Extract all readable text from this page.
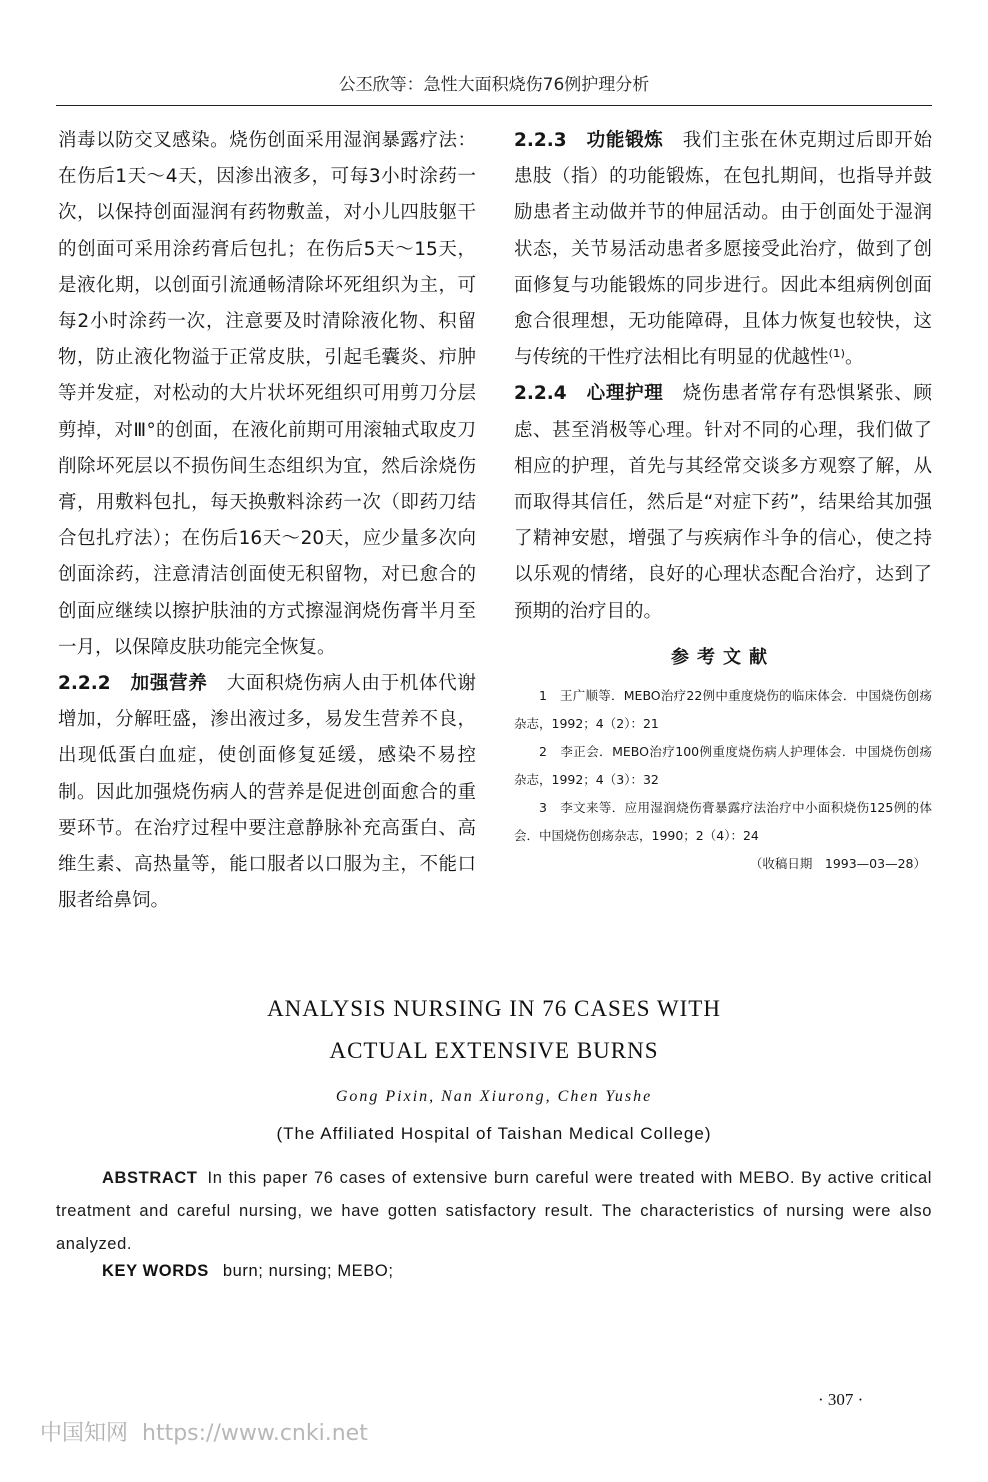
公丕欣等：急性大面积烧伤76例护理分析

消毒以防交叉感染。烧伤创面采用湿润暴露疗法：在伤后1天～4天，因渗出液多，可每3小时涂药一次，以保持创面湿润有药物敷盖，对小儿四肢躯干的创面可采用涂药膏后包扎；在伤后5天～15天，是液化期，以创面引流通畅清除坏死组织为主，可每2小时涂药一次，注意要及时清除液化物、积留物，防止液化物溢于正常皮肤，引起毛囊炎、疖肿等并发症，对松动的大片状坏死组织可用剪刀分层剪掉，对Ⅲ°的创面，在液化前期可用滚轴式取皮刀削除坏死层以不损伤间生态组织为宜，然后涂烧伤膏，用敷料包扎，每天换敷料涂药一次（即药刀结合包扎疗法）；在伤后16天～20天，应少量多次向创面涂药，注意清洁创面使无积留物，对已愈合的创面应继续以擦护肤油的方式擦湿润烧伤膏半月至一月，以保障皮肤功能完全恢复。

2.2.2　加强营养　 大面积烧伤病人由于机体代谢增加，分解旺盛，渗出液过多，易发生营养不良，出现低蛋白血症，使创面修复延缓，感染不易控制。因此加强烧伤病人的营养是促进创面愈合的重要环节。在治疗过程中要注意静脉补充高蛋白、高维生素、高热量等，能口服者以口服为主，不能口服者给鼻饲。

2.2.3　功能锻炼　 我们主张在休克期过后即开始患肢（指）的功能锻炼，在包扎期间，也指导并鼓励患者主动做并节的伸屈活动。由于创面处于湿润状态，关节易活动患者多愿接受此治疗，做到了创面修复与功能锻炼的同步进行。因此本组病例创面愈合很理想，无功能障碍，且体力恢复也较快，这与传统的干性疗法相比有明显的优越性⁽¹⁾。

2.2.4　心理护理　 烧伤患者常存有恐惧紧张、顾虑、甚至消极等心理。针对不同的心理，我们做了相应的护理，首先与其经常交谈多方观察了解，从而取得其信任，然后是“对症下药”，结果给其加强了精神安慰，增强了与疾病作斗争的信心，使之持以乐观的情绪，良好的心理状态配合治疗，达到了预期的治疗目的。

参考文献

1　王广顺等．MEBO治疗22例中重度烧伤的临床体会．中国烧伤创疡杂志，1992；4（2）：21

2　李正会．MEBO治疗100例重度烧伤病人护理体会．中国烧伤创疡杂志，1992；4（3）：32

3　李文来等．应用湿润烧伤膏暴露疗法治疗中小面积烧伤125例的体会．中国烧伤创疡杂志，1990；2（4）：24

（收稿日期　1993—03—28）
ANALYSIS NURSING IN 76 CASES WITH
ACTUAL EXTENSIVE BURNS
Gong Pixin, Nan Xiurong, Chen Yushe
(The Affiliated Hospital of Taishan Medical College)
ABSTRACT In this paper 76 cases of extensive burn careful were treated with MEBO. By active critical treatment and careful nursing, we have gotten satisfactory result. The characteristics of nursing were also analyzed.
KEY WORDS burn; nursing; MEBO;
· 307 ·
中国知网 https://www.cnki.net
